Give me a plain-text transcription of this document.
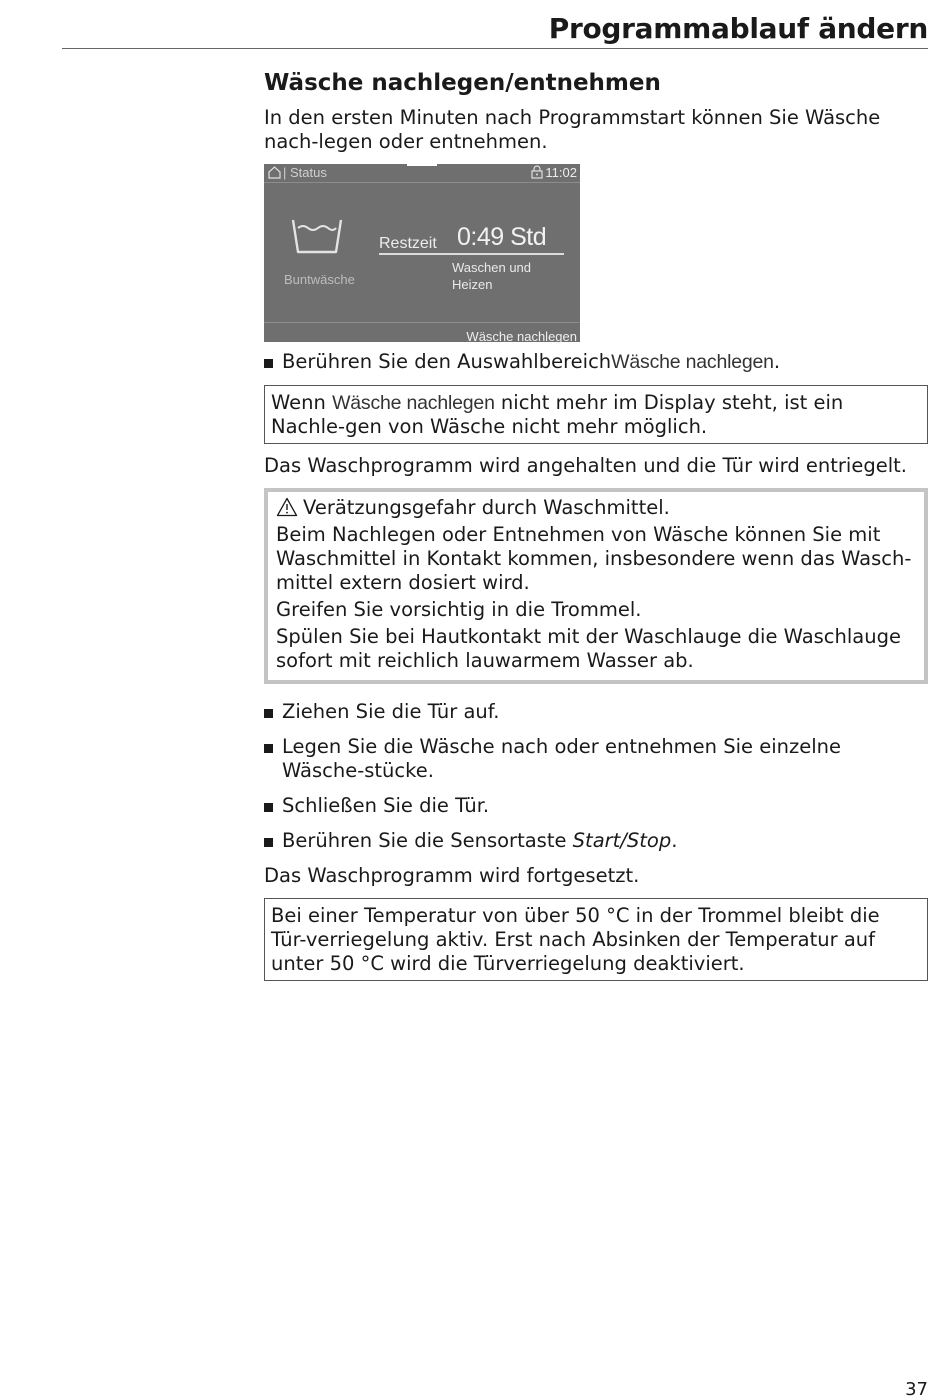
Programmablauf ändern
Wäsche nachlegen/entnehmen

In den ersten Minuten nach Programmstart können Sie Wäsche nach-legen oder entnehmen.

| Status	11:02
Buntwäsche
Restzeit 0:49 Std
Waschen und
Heizen
Wäsche nachlegen
Berühren Sie den AuswahlbereichWäsche nachlegen.
Wenn Wäsche nachlegen nicht mehr im Display steht, ist ein Nachle-gen von Wäsche nicht mehr möglich.

Das Waschprogramm wird angehalten und die Tür wird entriegelt.

Verätzungsgefahr durch Waschmittel.

Beim Nachlegen oder Entnehmen von Wäsche können Sie mit Waschmittel in Kontakt kommen, insbesondere wenn das Wasch-mittel extern dosiert wird.

Greifen Sie vorsichtig in die Trommel.

Spülen Sie bei Hautkontakt mit der Waschlauge die Waschlauge sofort mit reichlich lauwarmem Wasser ab.

Ziehen Sie die Tür auf.
Legen Sie die Wäsche nach oder entnehmen Sie einzelne Wäsche-stücke.
Schließen Sie die Tür.
Berühren Sie die Sensortaste Start/Stop.

Das Waschprogramm wird fortgesetzt.

Bei einer Temperatur von über 50 °C in der Trommel bleibt die Tür-verriegelung aktiv. Erst nach Absinken der Temperatur auf unter 50 °C wird die Türverriegelung deaktiviert.
37
